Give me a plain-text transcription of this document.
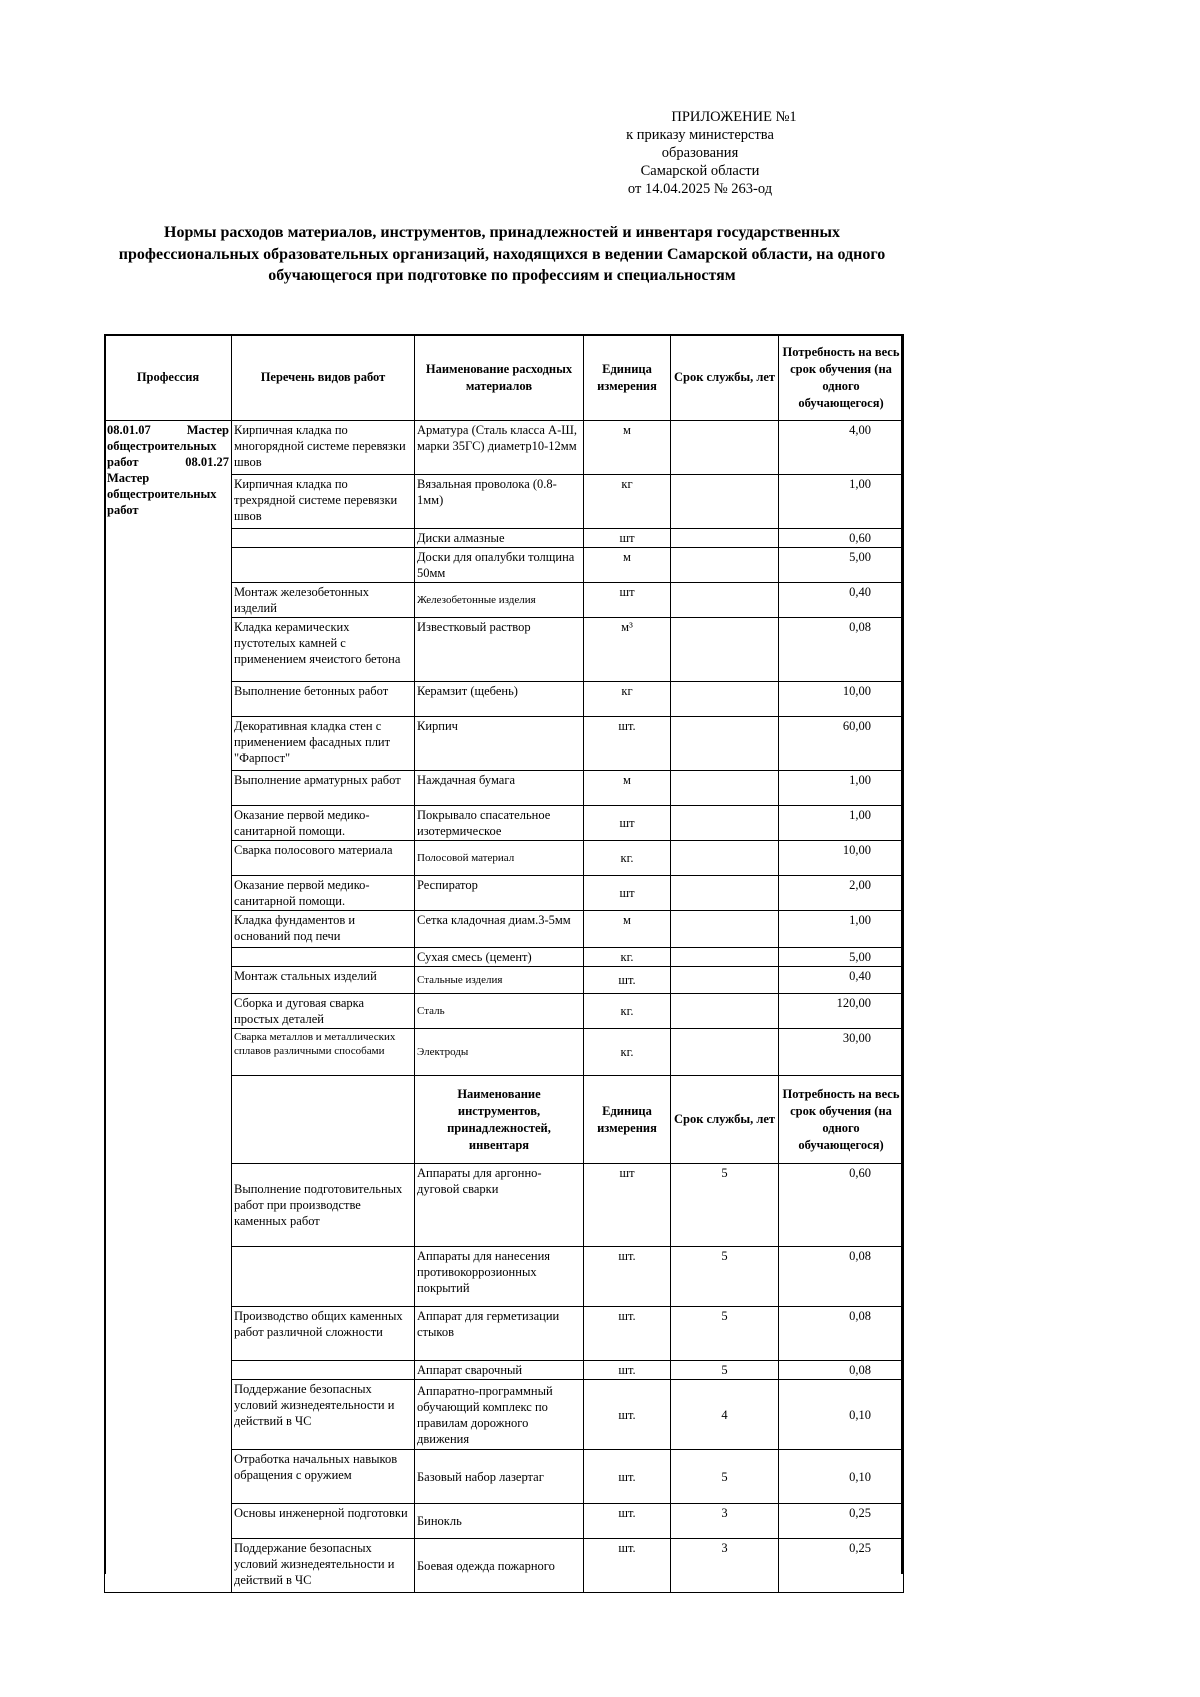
ПРИЛОЖЕНИЕ №1
к приказу министерства
образования
Самарской области
от 14.04.2025 № 263-од
Нормы расходов материалов, инструментов, принадлежностей и инвентаря государственных профессиональных образовательных организаций, находящихся в ведении Самарской области, на одного обучающегося при подготовке по профессиям и специальностям
Профессия	Перечень видов работ	Наименование расходных материалов	Единица измерения	Срок службы, лет	Потребность на весь срок обучения (на одного обучающегося)
08.01.07 Мастер общестроительных работ 08.01.27 Мастер общестроительных работ	Кирпичная кладка по многорядной системе перевязки швов	Арматура (Сталь класса А-Ш, марки 35ГС) диаметр10-12мм	м		4,00
	Кирпичная кладка по трехрядной системе перевязки швов	Вязальная проволока (0.8-1мм)	кг		1,00
		Диски алмазные	шт		0,60
		Доски для опалубки толщина 50мм	м		5,00
	Монтаж железобетонных изделий	Железобетонные изделия	шт		0,40
	Кладка керамических пустотелых камней с применением ячеистого бетона	Известковый раствор	м³		0,08
	Выполнение бетонных работ	Керамзит (щебень)	кг		10,00
	Декоративная кладка стен с применением фасадных плит "Фарпост"	Кирпич	шт.		60,00
	Выполнение арматурных работ	Наждачная бумага	м		1,00
	Оказание первой медико-санитарной помощи.	Покрывало спасательное изотермическое	шт		1,00
	Сварка полосового материала	Полосовой материал	кг.		10,00
	Оказание первой медико-санитарной помощи.	Респиратор	шт		2,00
	Кладка фундаментов и оснований под печи	Сетка кладочная диам.3-5мм	м		1,00
		Сухая смесь (цемент)	кг.		5,00
	Монтаж стальных изделий	Стальные изделия	шт.		0,40
	Сборка и дуговая сварка простых деталей	Сталь	кг.		120,00
	Сварка металлов и металлических сплавов различными способами	Электроды	кг.		30,00
		Наименование инструментов, принадлежностей, инвентаря	Единица измерения	Срок службы, лет	Потребность на весь срок обучения (на одного обучающегося)
	Выполнение подготовительных работ при производстве каменных работ	Аппараты для аргонно-дуговой сварки	шт	5	0,60
		Аппараты для нанесения противокоррозионных покрытий	шт.	5	0,08
	Производство общих каменных работ различной сложности	Аппарат для герметизации стыков	шт.	5	0,08
		Аппарат сварочный	шт.	5	0,08
	Поддержание безопасных условий жизнедеятельности и действий в ЧС	Аппаратно-программный обучающий комплекс по правилам дорожного движения	шт.	4	0,10
	Отработка начальных навыков обращения с оружием	Базовый набор лазертаг	шт.	5	0,10
	Основы инженерной подготовки	Бинокль	шт.	3	0,25
	Поддержание безопасных условий жизнедеятельности и действий в ЧС	Боевая одежда пожарного	шт.	3	0,25
